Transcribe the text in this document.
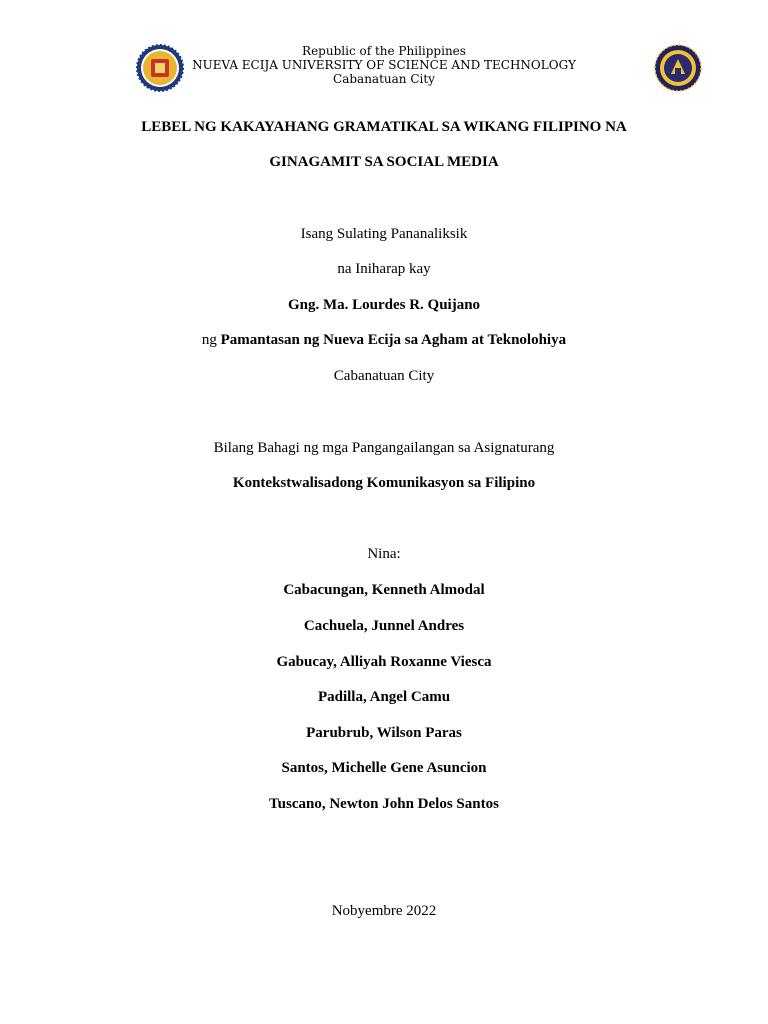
Republic of the Philippines
NUEVA ECIJA UNIVERSITY OF SCIENCE AND TECHNOLOGY
Cabanatuan City
LEBEL NG KAKAYAHANG GRAMATIKAL SA WIKANG FILIPINO NA
GINAGAMIT SA SOCIAL MEDIA
Isang Sulating Pananaliksik
na Iniharap kay
Gng. Ma. Lourdes R. Quijano
ng Pamantasan ng Nueva Ecija sa Agham at Teknolohiya
Cabanatuan City
Bilang Bahagi ng mga Pangangailangan sa Asignaturang
Kontekstwalisadong Komunikasyon sa Filipino
Nina:
Cabacungan, Kenneth Almodal
Cachuela, Junnel Andres
Gabucay, Alliyah Roxanne Viesca
Padilla, Angel Camu
Parubrub, Wilson Paras
Santos, Michelle Gene Asuncion
Tuscano, Newton John Delos Santos
Nobyembre 2022
